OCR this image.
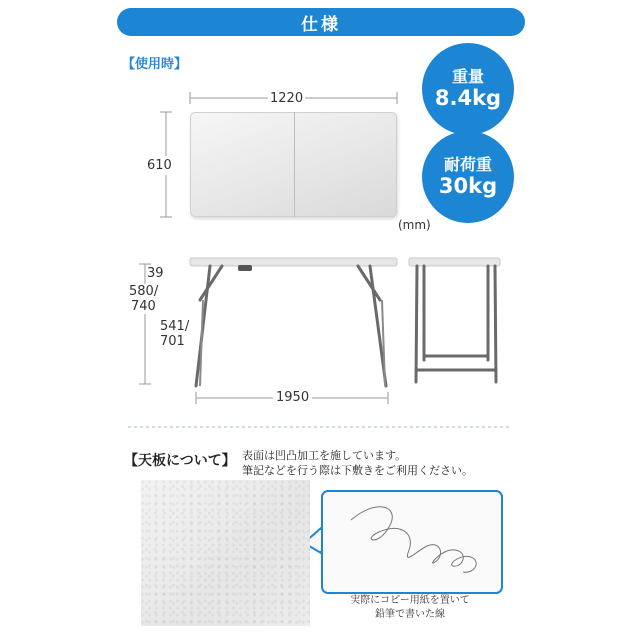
仕様
【使用時】
重量
8.4kg
耐荷重
30kg
1220
610
(mm)
39
580/
740
541/
701
1950
【天板について】 表面は凹凸加工を施しています。
筆記などを行う際は下敷きをご利用ください。
実際にコピー用紙を置いて
鉛筆で書いた線
